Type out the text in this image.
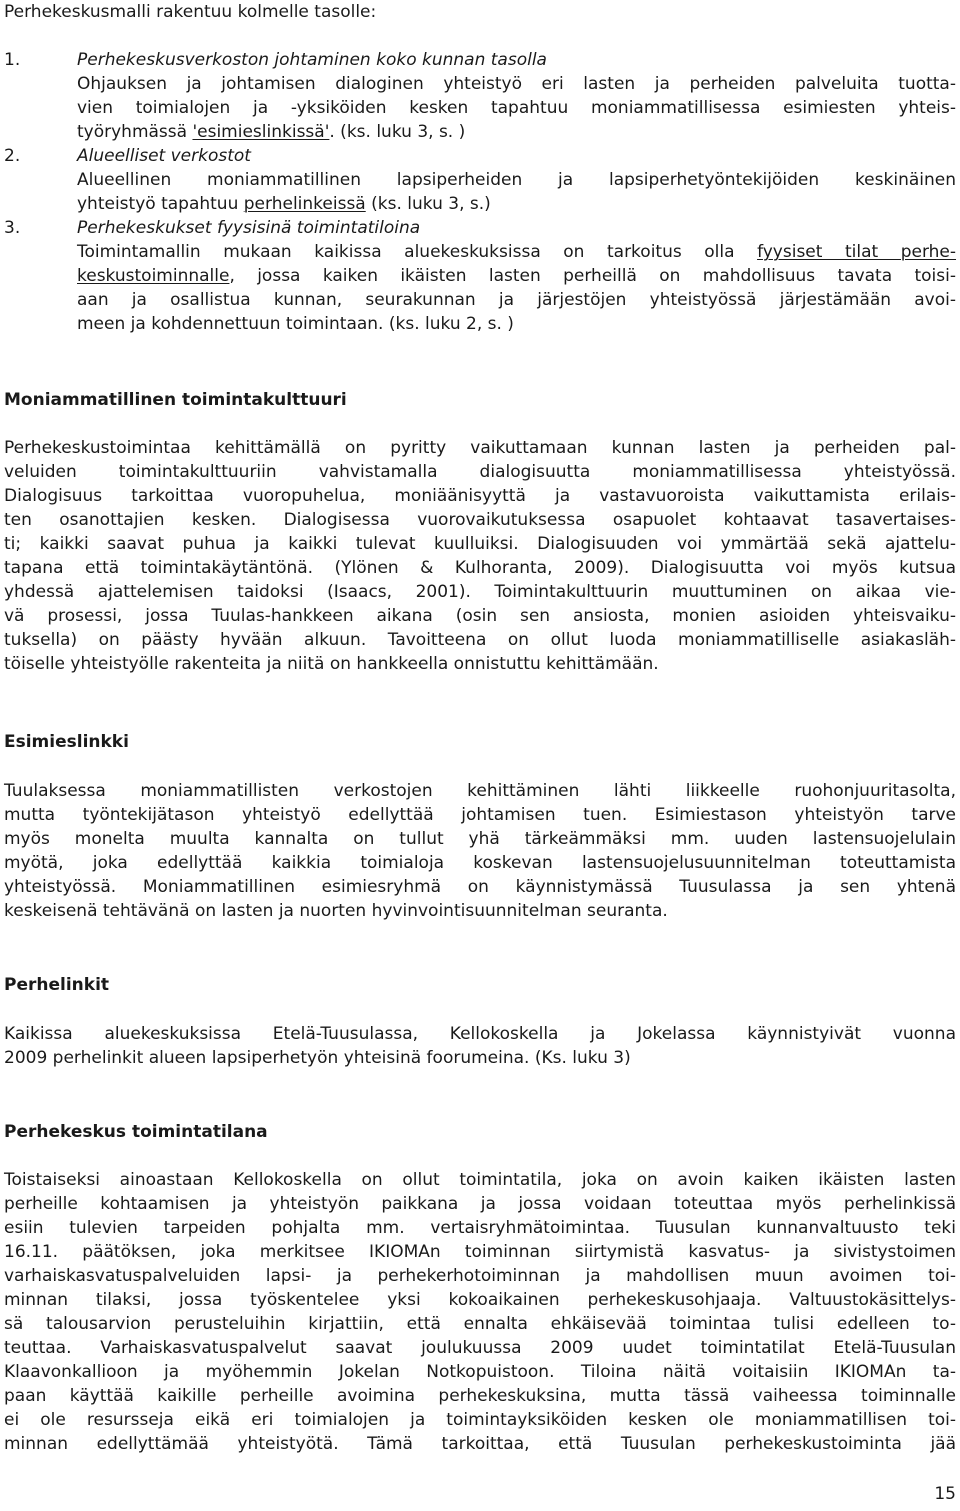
Perhekeskusmalli rakentuu kolmelle tasolle:
1.	Perhekeskusverkoston johtaminen koko kunnan tasolla
Ohjauksen ja johtamisen dialoginen yhteistyö eri lasten ja perheiden palveluita tuotta-
vien toimialojen ja -yksiköiden kesken tapahtuu moniammatillisessa esimiesten yhteis-
työryhmässä 'esimieslinkissä'. (ks. luku 3, s. )
2.	Alueelliset verkostot
Alueellinen moniammatillinen lapsiperheiden ja lapsiperhetyöntekijöiden keskinäinen
yhteistyö tapahtuu perhelinkeissä (ks. luku 3, s.)
3.	Perhekeskukset fyysisinä toimintatiloina
Toimintamallin mukaan kaikissa aluekeskuksissa on tarkoitus olla fyysiset tilat perhe-
keskustoiminnalle, jossa kaiken ikäisten lasten perheillä on mahdollisuus tavata toisi-
aan ja osallistua kunnan, seurakunnan ja järjestöjen yhteistyössä järjestämään avoi-
meen ja kohdennettuun toimintaan. (ks. luku 2, s. )
Moniammatillinen toimintakulttuuri
Perhekeskustoimintaa kehittämällä on pyritty vaikuttamaan kunnan lasten ja perheiden pal-
veluiden toimintakulttuuriin vahvistamalla dialogisuutta moniammatillisessa yhteistyössä.
Dialogisuus tarkoittaa vuoropuhelua, moniäänisyyttä ja vastavuoroista vaikuttamista erilais-
ten osanottajien kesken. Dialogisessa vuorovaikutuksessa osapuolet kohtaavat tasavertaises-
ti; kaikki saavat puhua ja kaikki tulevat kuulluiksi. Dialogisuuden voi ymmärtää sekä ajattelu-
tapana että toimintakäytäntönä. (Ylönen & Kulhoranta, 2009). Dialogisuutta voi myös kutsua
yhdessä ajattelemisen taidoksi (Isaacs, 2001). Toimintakulttuurin muuttuminen on aikaa vie-
vä prosessi, jossa Tuulas-hankkeen aikana (osin sen ansiosta, monien asioiden yhteisvaiku-
tuksella) on päästy hyvään alkuun. Tavoitteena on ollut luoda moniammatilliselle asiakasläh-
töiselle yhteistyölle rakenteita ja niitä on hankkeella onnistuttu kehittämään.
Esimieslinkki
Tuulaksessa moniammatillisten verkostojen kehittäminen lähti liikkeelle ruohonjuuritasolta,
mutta työntekijätason yhteistyö edellyttää johtamisen tuen. Esimiestason yhteistyön tarve
myös monelta muulta kannalta on tullut yhä tärkeämmäksi mm. uuden lastensuojelulain
myötä, joka edellyttää kaikkia toimialoja koskevan lastensuojelusuunnitelman toteuttamista
yhteistyössä. Moniammatillinen esimiesryhmä on käynnistymässä Tuusulassa ja sen yhtenä
keskeisenä tehtävänä on lasten ja nuorten hyvinvointisuunnitelman seuranta.
Perhelinkit
Kaikissa aluekeskuksissa Etelä-Tuusulassa, Kellokoskella ja Jokelassa käynnistyivät vuonna
2009 perhelinkit alueen lapsiperhetyön yhteisinä foorumeina. (Ks. luku 3)
Perhekeskus toimintatilana
Toistaiseksi ainoastaan Kellokoskella on ollut toimintatila, joka on avoin kaiken ikäisten lasten
perheille kohtaamisen ja yhteistyön paikkana ja jossa voidaan toteuttaa myös perhelinkissä
esiin tulevien tarpeiden pohjalta mm. vertaisryhmätoimintaa. Tuusulan kunnanvaltuusto teki
16.11. päätöksen, joka merkitsee IKIOMAn toiminnan siirtymistä kasvatus- ja sivistystoimen
varhaiskasvatuspalveluiden lapsi- ja perhekerhotoiminnan ja mahdollisen muun avoimen toi-
minnan tilaksi, jossa työskentelee yksi kokoaikainen perhekeskusohjaaja. Valtuustokäsittelys-
sä talousarvion perusteluihin kirjattiin, että ennalta ehkäisevää toimintaa tulisi edelleen to-
teuttaa. Varhaiskasvatuspalvelut saavat joulukuussa 2009 uudet toimintatilat Etelä-Tuusulan
Klaavonkallioon ja myöhemmin Jokelan Notkopuistoon. Tiloina näitä voitaisiin IKIOMAn ta-
paan käyttää kaikille perheille avoimina perhekeskuksina, mutta tässä vaiheessa toiminnalle
ei ole resursseja eikä eri toimialojen ja toimintayksiköiden kesken ole moniammatillisen toi-
minnan edellyttämää yhteistyötä. Tämä tarkoittaa, että Tuusulan perhekeskustoiminta jää
15
